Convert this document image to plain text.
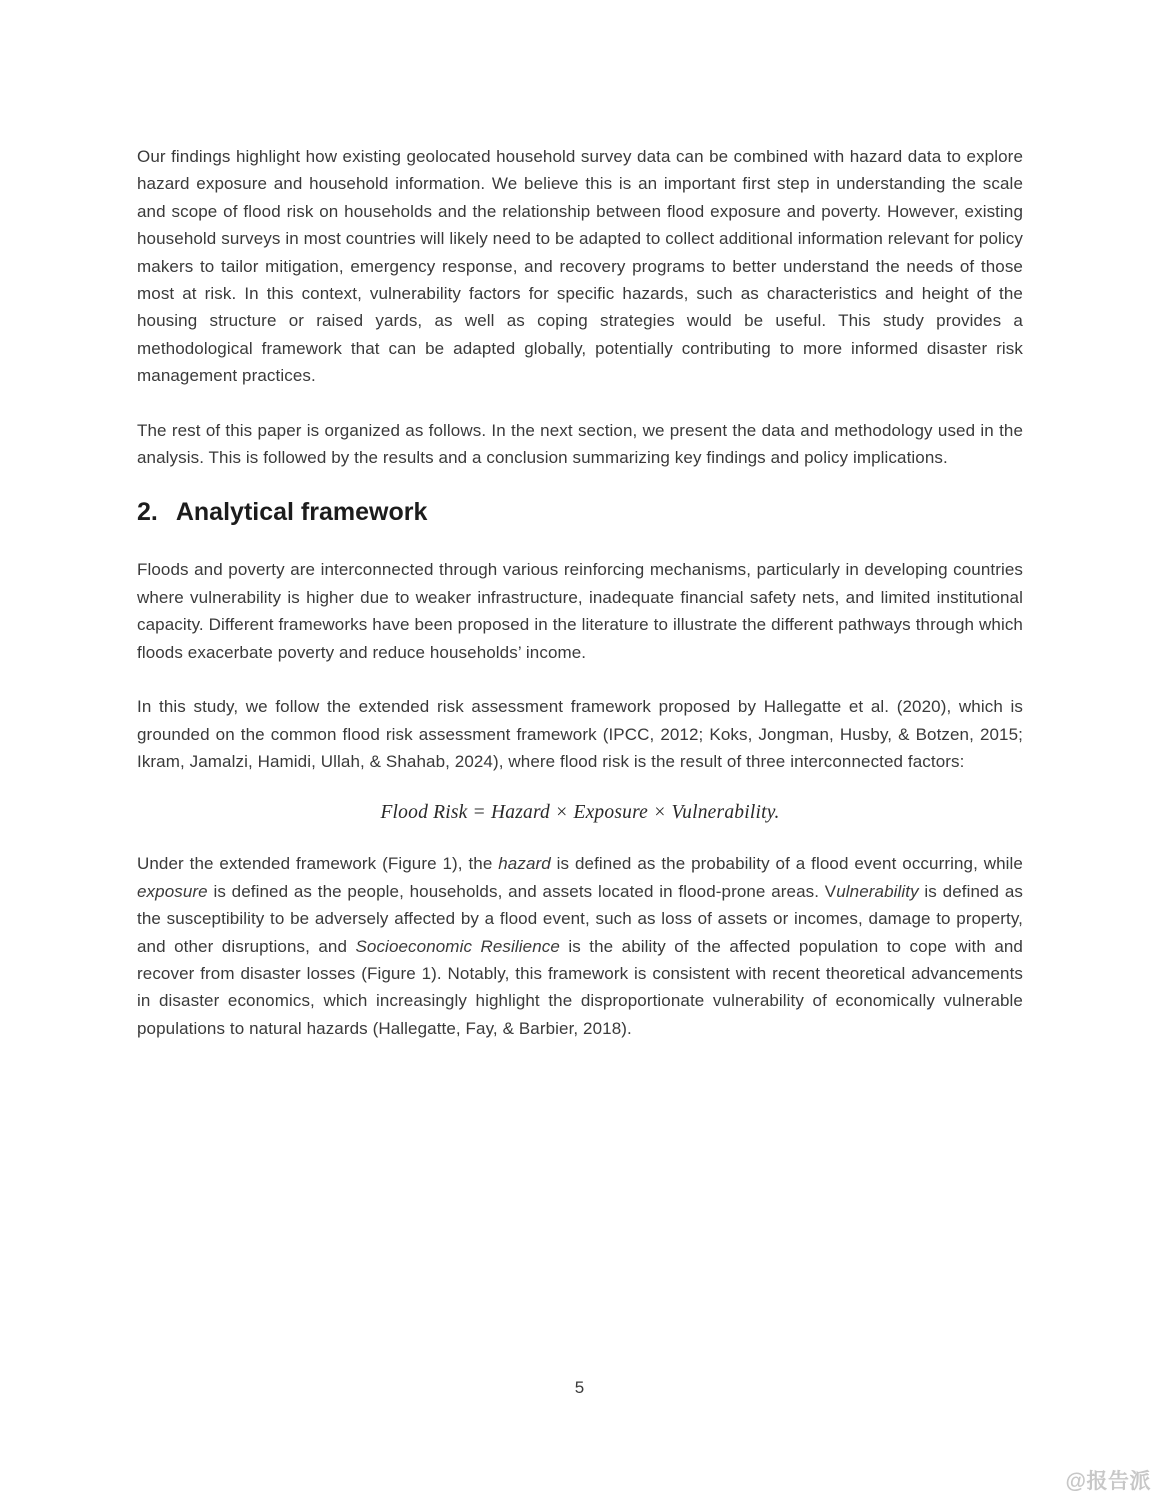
Our findings highlight how existing geolocated household survey data can be combined with hazard data to explore hazard exposure and household information. We believe this is an important first step in understanding the scale and scope of flood risk on households and the relationship between flood exposure and poverty. However, existing household surveys in most countries will likely need to be adapted to collect additional information relevant for policy makers to tailor mitigation, emergency response, and recovery programs to better understand the needs of those most at risk. In this context, vulnerability factors for specific hazards, such as characteristics and height of the housing structure or raised yards, as well as coping strategies would be useful. This study provides a methodological framework that can be adapted globally, potentially contributing to more informed disaster risk management practices.

The rest of this paper is organized as follows. In the next section, we present the data and methodology used in the analysis. This is followed by the results and a conclusion summarizing key findings and policy implications.

2. Analytical framework

Floods and poverty are interconnected through various reinforcing mechanisms, particularly in developing countries where vulnerability is higher due to weaker infrastructure, inadequate financial safety nets, and limited institutional capacity. Different frameworks have been proposed in the literature to illustrate the different pathways through which floods exacerbate poverty and reduce households’ income.

In this study, we follow the extended risk assessment framework proposed by Hallegatte et al. (2020), which is grounded on the common flood risk assessment framework (IPCC, 2012; Koks, Jongman, Husby, & Botzen, 2015; Ikram, Jamalzi, Hamidi, Ullah, & Shahab, 2024), where flood risk is the result of three interconnected factors:

Flood Risk = Hazard × Exposure × Vulnerability.

Under the extended framework (Figure 1), the hazard is defined as the probability of a flood event occurring, while exposure is defined as the people, households, and assets located in flood-prone areas. Vulnerability is defined as the susceptibility to be adversely affected by a flood event, such as loss of assets or incomes, damage to property, and other disruptions, and Socioeconomic Resilience is the ability of the affected population to cope with and recover from disaster losses (Figure 1). Notably, this framework is consistent with recent theoretical advancements in disaster economics, which increasingly highlight the disproportionate vulnerability of economically vulnerable populations to natural hazards (Hallegatte, Fay, & Barbier, 2018).

5
@报告派
